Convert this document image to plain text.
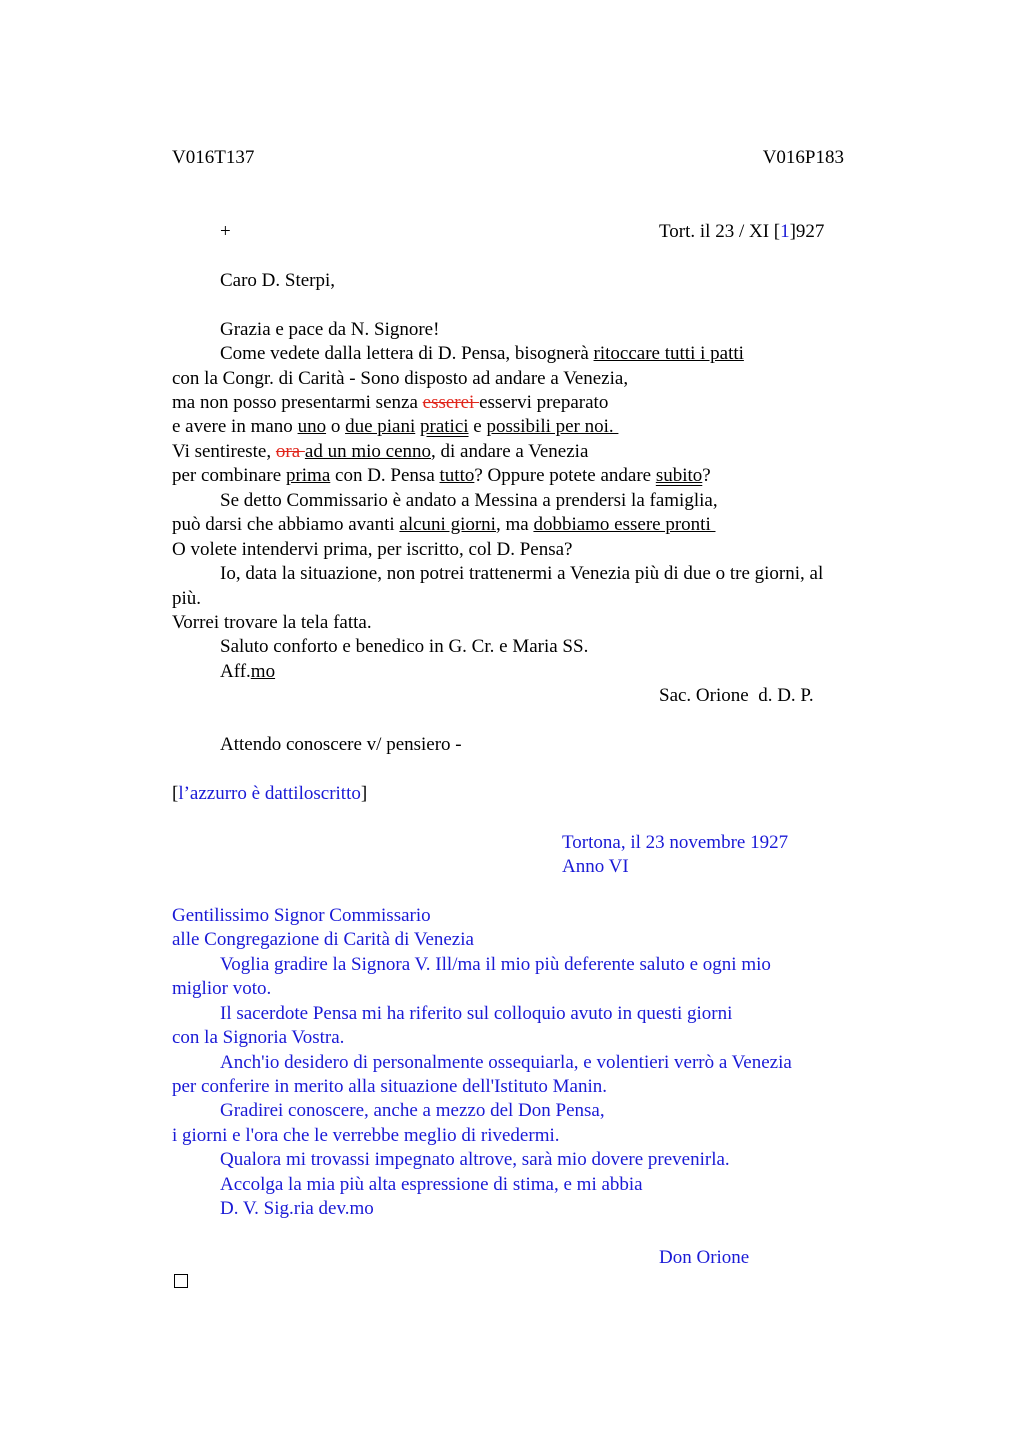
V016T137	V016P183
+	Tort. il 23 / XI [1]927
Caro D. Sterpi,
Grazia e pace da N. Signore!
Come vedete dalla lettera di D. Pensa, bisognerà ritoccare tutti i patti
con la Congr. di Carità - Sono disposto ad andare a Venezia,
ma non posso presentarmi senza esserei esservi preparato
e avere in mano uno o due piani pratici e possibili per noi.
Vi sentireste, ora ad un mio cenno, di andare a Venezia
per combinare prima con D. Pensa tutto? Oppure potete andare subito?
Se detto Commissario è andato a Messina a prendersi la famiglia,
può darsi che abbiamo avanti alcuni giorni, ma dobbiamo essere pronti
O volete intendervi prima, per iscritto, col D. Pensa?
Io, data la situazione, non potrei trattenermi a Venezia più di due o tre giorni, al
più.
Vorrei trovare la tela fatta.
Saluto conforto e benedico in G. Cr. e Maria SS.
Aff.mo
Sac. Orione  d. D. P.
Attendo conoscere v/ pensiero -
[l’azzurro è dattiloscritto]
Tortona, il 23 novembre 1927
Anno VI
Gentilissimo Signor Commissario
alle Congregazione di Carità di Venezia
Voglia gradire la Signora V. Ill/ma il mio più deferente saluto e ogni mio
miglior voto.
Il sacerdote Pensa mi ha riferito sul colloquio avuto in questi giorni
con la Signoria Vostra.
Anch'io desidero di personalmente ossequiarla, e volentieri verrò a Venezia
per conferire in merito alla situazione dell'Istituto Manin.
Gradirei conoscere, anche a mezzo del Don Pensa,
i giorni e l'ora che le verrebbe meglio di rivedermi.
Qualora mi trovassi impegnato altrove, sarà mio dovere prevenirla.
Accolga la mia più alta espressione di stima, e mi abbia
D. V. Sig.ria dev.mo
Don Orione
